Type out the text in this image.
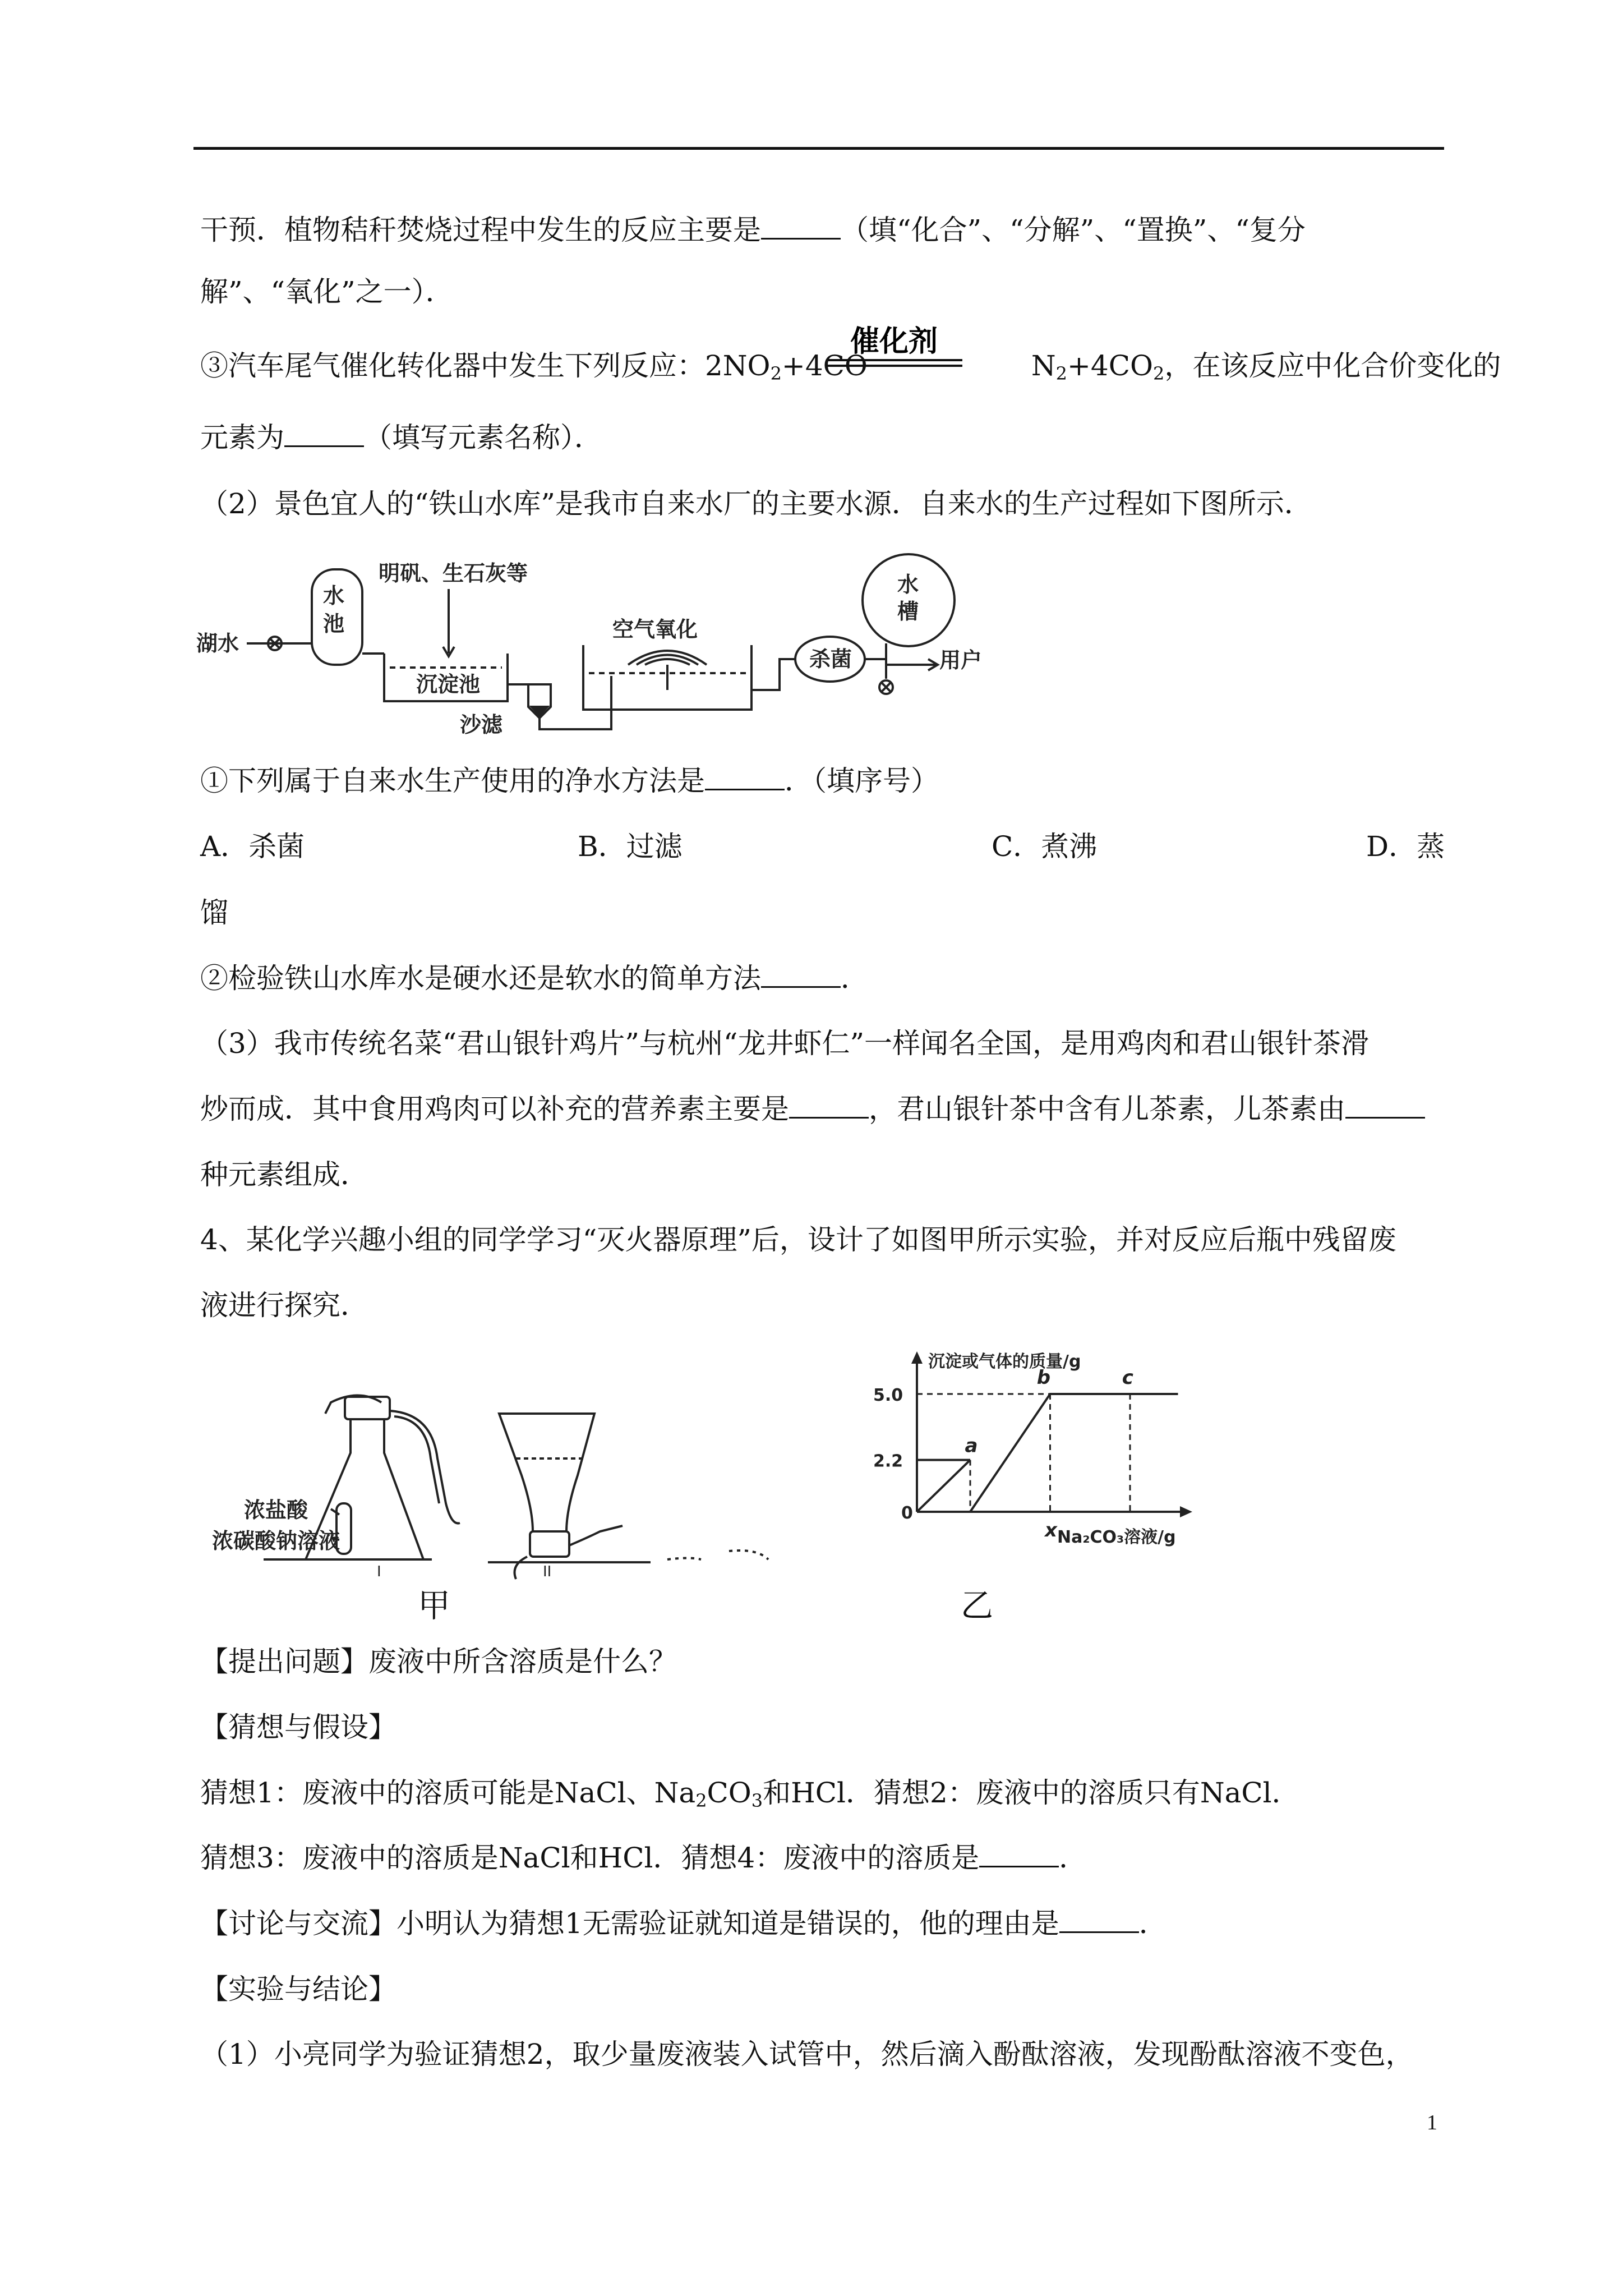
干预．植物秸秆焚烧过程中发生的反应主要是	（填“化合”、“分解”、“置换”、“复分
解”、“氧化”之一）．
③汽车尾气催化转化器中发生下列反应：$2NO_2+4CO$	$N_2+4CO_2$，在该反应中化合价变化的
催化剂
元素为	（填写元素名称）．
（2）景色宜人的“铁山水库”是我市自来水厂的主要水源．自来水的生产过程如下图所示．
湖水
明矾、生石灰等
沉淀池
沙滤
空气氧化
用户
水
池
杀菌
水
槽
①下列属于自来水生产使用的净水方法是	．（填序号）
A．杀菌	B．过滤	C．煮沸	D．蒸
馏
②检验铁山水库水是硬水还是软水的简单方法	．
（3）我市传统名菜“君山银针鸡片”与杭州“龙井虾仁”一样闻名全国，是用鸡肉和君山银针茶滑
炒而成．其中食用鸡肉可以补充的营养素主要是	，君山银针茶中含有儿茶素，儿茶素由
种元素组成．
4、某化学兴趣小组的同学学习“灭火器原理”后，设计了如图甲所示实验，并对反应后瓶中残留废
液进行探究．
浓盐酸
浓碳酸钠溶液
I	II
甲
沉淀或气体的质量/g
Na₂CO₃溶液/g
0
5.0
2.2
a
b	c
x
乙
【提出问题】废液中所含溶质是什么？
【猜想与假设】
猜想1：废液中的溶质可能是NaCl、$Na_2CO_3$和HCl．猜想2：废液中的溶质只有NaCl．
猜想3：废液中的溶质是NaCl和HCl．猜想4：废液中的溶质是	．
【讨论与交流】小明认为猜想1无需验证就知道是错误的，他的理由是	．
【实验与结论】
（1）小亮同学为验证猜想2，取少量废液装入试管中，然后滴入酚酞溶液，发现酚酞溶液不变色，
1
